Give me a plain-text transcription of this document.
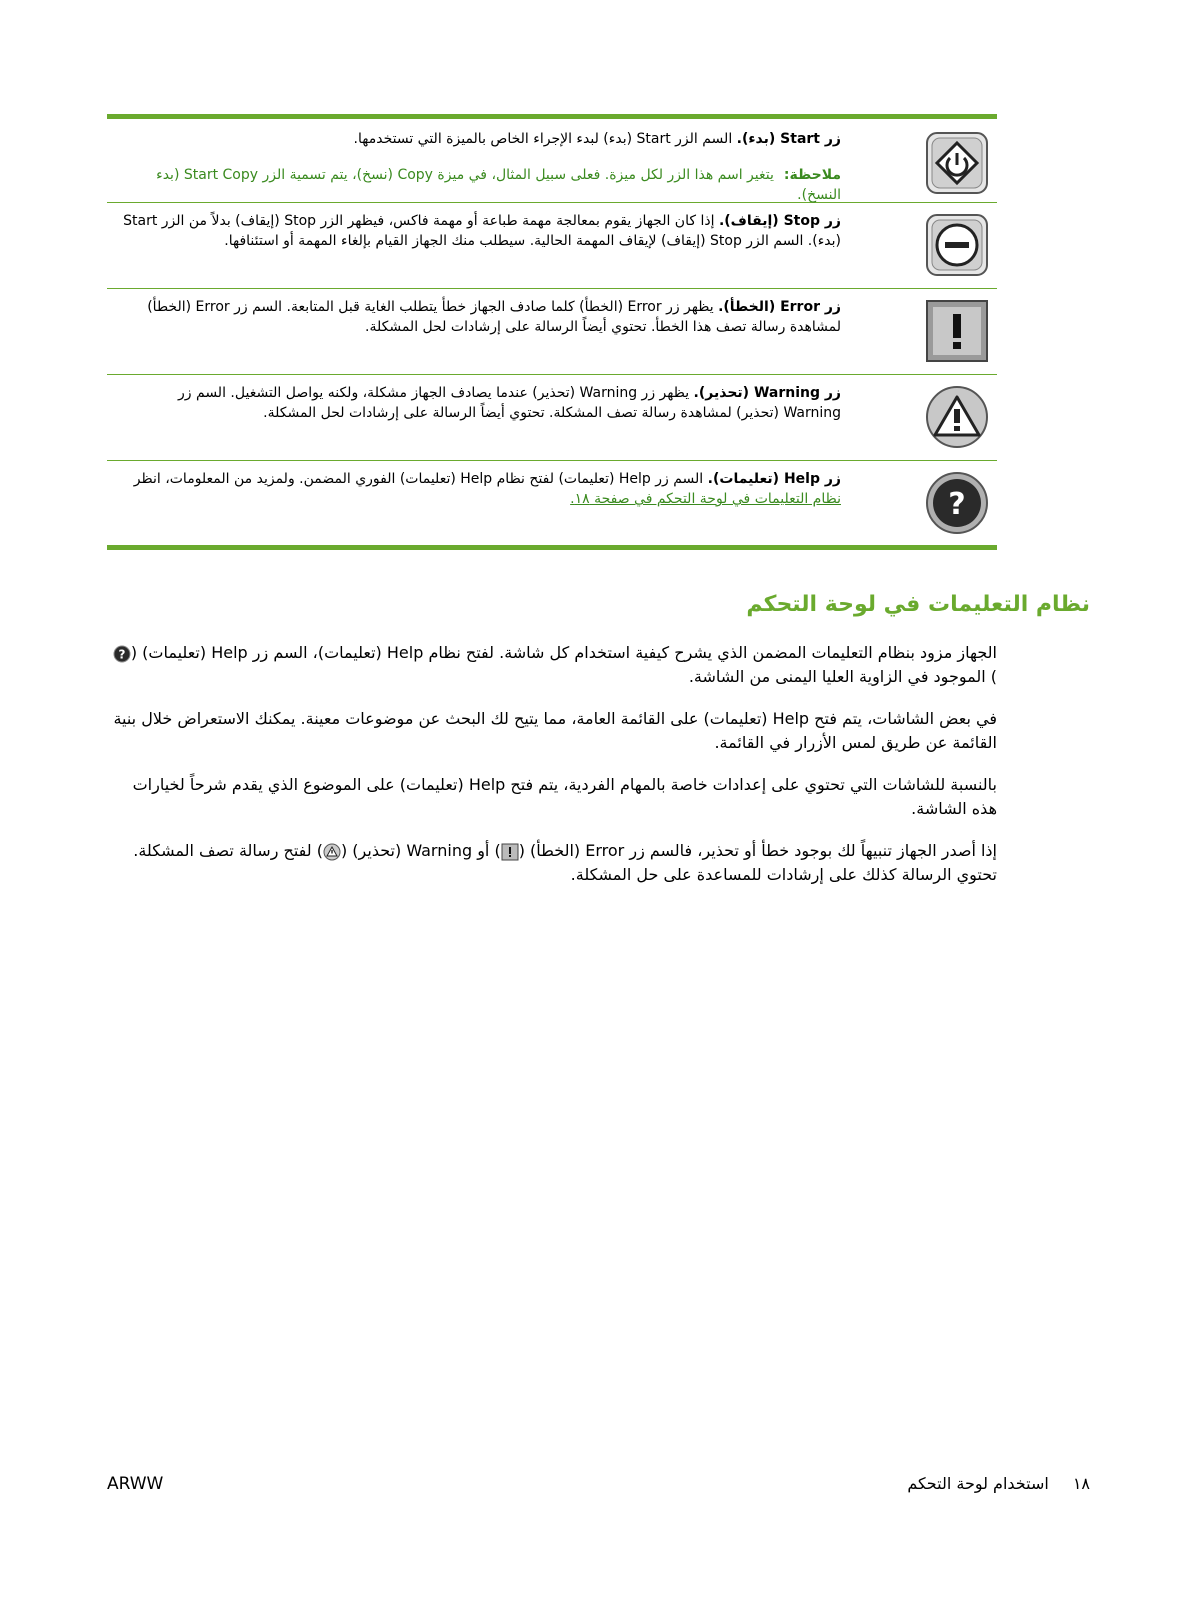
زر Start (بدء). السم الزر Start (بدء) لبدء الإجراء الخاص بالميزة التي تستخدمها.

ملاحظة:يتغير اسم هذا الزر لكل ميزة. فعلى سبيل المثال، في ميزة Copy (نسخ)، يتم تسمية الزر Start Copy (بدء النسخ).

زر Stop (إيقاف). إذا كان الجهاز يقوم بمعالجة مهمة طباعة أو مهمة فاكس، فيظهر الزر Stop (إيقاف) بدلاً من الزر Start (بدء). السم الزر Stop (إيقاف) لإيقاف المهمة الحالية. سيطلب منك الجهاز القيام بإلغاء المهمة أو استئنافها.

زر Error (الخطأ). يظهر زر Error (الخطأ) كلما صادف الجهاز خطأ يتطلب الغاية قبل المتابعة. السم زر Error (الخطأ) لمشاهدة رسالة تصف هذا الخطأ. تحتوي أيضاً الرسالة على إرشادات لحل المشكلة.

زر Warning (تحذير). يظهر زر Warning (تحذير) عندما يصادف الجهاز مشكلة، ولكنه يواصل التشغيل. السم زر Warning (تحذير) لمشاهدة رسالة تصف المشكلة. تحتوي أيضاً الرسالة على إرشادات لحل المشكلة.

?

زر Help (تعليمات). السم زر Help (تعليمات) لفتح نظام Help (تعليمات) الفوري المضمن. ولمزيد من المعلومات، انظر نظام التعليمات في لوحة التحكم في صفحة ١٨.

نظام التعليمات في لوحة التحكم

الجهاز مزود بنظام التعليمات المضمن الذي يشرح كيفية استخدام كل شاشة. لفتح نظام Help (تعليمات)، السم زر Help (تعليمات) (
?
) الموجود في الزاوية العليا اليمنى من الشاشة.

في بعض الشاشات، يتم فتح Help (تعليمات) على القائمة العامة، مما يتيح لك البحث عن موضوعات معينة. يمكنك الاستعراض خلال بنية القائمة عن طريق لمس الأزرار في القائمة.

بالنسبة للشاشات التي تحتوي على إعدادات خاصة بالمهام الفردية، يتم فتح Help (تعليمات) على الموضوع الذي يقدم شرحاً لخيارات هذه الشاشة.

إذا أصدر الجهاز تنبيهاً لك بوجود خطأ أو تحذير، فالسم زر Error (الخطأ) () أو Warning (تحذير) () لفتح رسالة تصف المشكلة. تحتوي الرسالة كذلك على إرشادات للمساعدة على حل المشكلة.

ARWW	١٨استخدام لوحة التحكم
